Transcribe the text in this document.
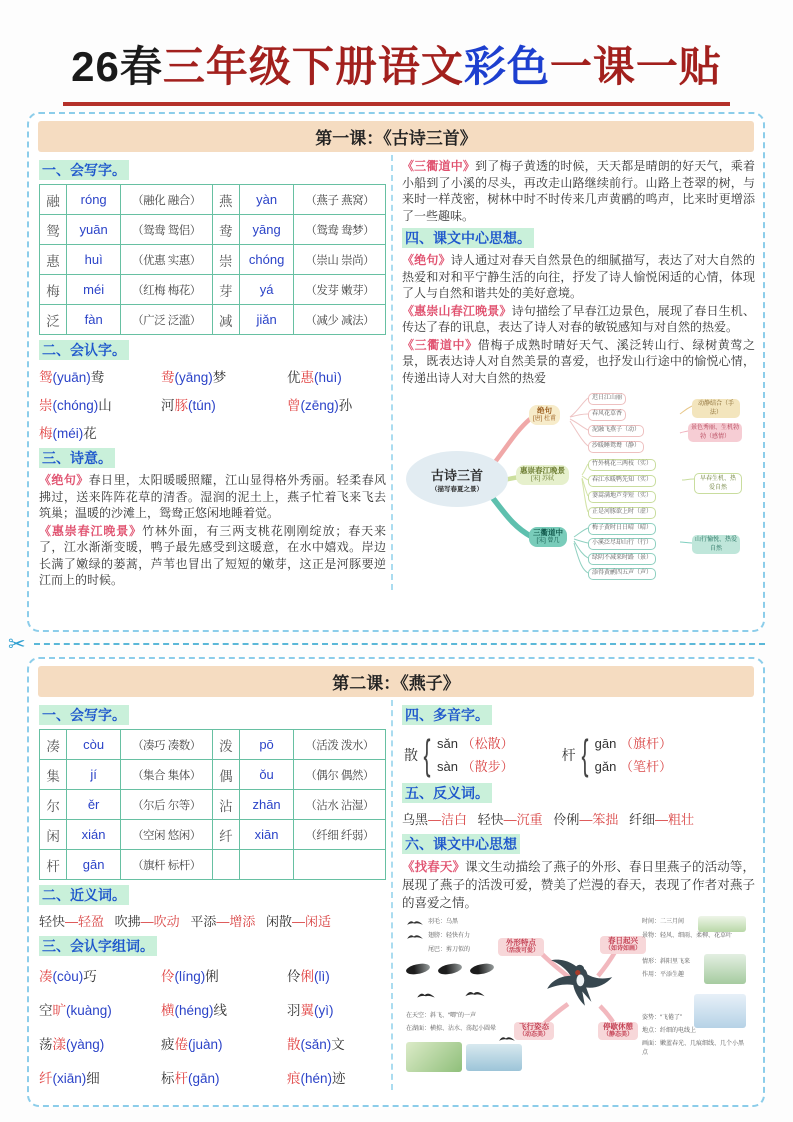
26春三年级下册语文彩色一课一贴
第一课：《古诗三首》
一、会写字。
融	róng	（融化 融合）	燕	yàn	（燕子 燕窝）
鸳	yuān	（鸳鸯 鸳侣）	鸯	yāng	（鸳鸯 鸯梦）
惠	huì	（优惠 实惠）	崇	chóng	（崇山 崇尚）
梅	méi	（红梅 梅花）	芽	yá	（发芽 嫩芽）
泛	fàn	（广泛 泛滥）	减	jiǎn	（减少 减法）
二、会认字。
鸳(yuān)鸯	鸯(yāng)梦	优惠(huì)
崇(chóng)山	河豚(tún)	曾(zēng)孙
梅(méi)花
三、诗意。

《绝句》春日里，太阳暖暖照耀，江山显得格外秀丽。轻柔春风拂过，送来阵阵花草的清香。湿润的泥土上，燕子忙着飞来飞去筑巢；温暖的沙滩上，鸳鸯正悠闲地睡着觉。

《惠崇春江晚景》竹林外面，有三两支桃花刚刚绽放；春天来了，江水渐渐变暖，鸭子最先感受到这暖意，在水中嬉戏。岸边长满了嫩绿的蒌蒿，芦苇也冒出了短短的嫩芽，这正是河豚要逆江而上的时候。

《三衢道中》到了梅子黄透的时候，天天都是晴朗的好天气，乘着小船到了小溪的尽头，再改走山路继续前行。山路上苍翠的树，与来时一样茂密，树林中时不时传来几声黄鹂的鸣声，比来时更增添了一些趣味。

四、课文中心思想。

《绝句》诗人通过对春天自然景色的细腻描写，表达了对大自然的热爱和对和平宁静生活的向往，抒发了诗人愉悦闲适的心情，体现了人与自然和谐共处的美好意境。

《惠崇山春江晚景》诗句描绘了早春江边景色，展现了春日生机、传达了春的讯息，表达了诗人对春的敏锐感知与对自然的热爱。

《三衢道中》借梅子成熟时晴好天气、溪泛转山行、绿树黄莺之景，既表达诗人对自然美景的喜爱，也抒发山行途中的愉悦心情，传递出诗人对大自然的热爱

古诗三首
（描写春夏之景）
绝句
[唐] 杜甫
惠崇春江晚景
[宋] 苏轼
三衢道中
[宋] 曾几
迟日江山丽
春风花草香
泥融飞燕子（动）
沙暖睡鸳鸯（静）
竹外桃花三两枝（实）
春江水暖鸭先知（实）
蒌蒿满地芦芽短（实）
正是河豚欲上时（虚）
梅子黄时日日晴（晴）
小溪泛尽却山行（行）
绿阴不减来时路（景）
添得黄鹂四五声（声）
动静结合（手法）
景色秀丽、生机勃勃（感情）
早春生机、热爱自然
山行愉悦、热爱自然
✂
第二课：《燕子》
一、会写字。
凑	còu	（凑巧 凑数）	泼	pō	（活泼 泼水）
集	jí	（集合 集体）	偶	ǒu	（偶尔 偶然）
尔	ěr	（尔后 尔等）	沾	zhān	（沾水 沾湿）
闲	xián	（空闲 悠闲）	纤	xiān	（纤细 纤弱）
杆	gān	（旗杆 标杆）			
二、近义词。
轻快—轻盈 吹拂—吹动 平添—增添 闲散—闲适
三、会认字组词。
凑(còu)巧	伶(líng)俐	伶俐(lì)
空旷(kuàng)	横(héng)线	羽翼(yì)
荡漾(yàng)	疲倦(juàn)	散(sǎn)文
纤(xiān)细	标杆(gān)	痕(hén)迹
四、多音字。
散
{
sǎn （松散）
sàn （散步）
杆
{
gān （旗杆）
gǎn （笔杆）
五、反义词。
乌黑—洁白 轻快—沉重 伶俐—笨拙 纤细—粗壮
六、课文中心思想

《找春天》课文生动描绘了燕子的外形、春日里燕子的活动等，展现了燕子的活泼可爱，赞美了烂漫的春天，表现了作者对燕子的喜爱之情。

外形特点
（活泼可爱）
春日起兴
（如诗如画）
飞行姿态
（动态美）
停歇休憩
（静态美）
羽毛：乌黑
翅膀：轻快有力
尾巴：剪刀似的
时间：二三月间
景物：轻风、细雨、柔柳、花草叶
情形：斜阳里飞来
作用：平添生趣
在天空：斜飞、“唧”的一声
在湖面：横掠、沾水、荡起小圆晕
姿势：“飞倦了”
地点：纤细的电线上
画面：嫩蓝春光、几痕细线、几个小黑点
